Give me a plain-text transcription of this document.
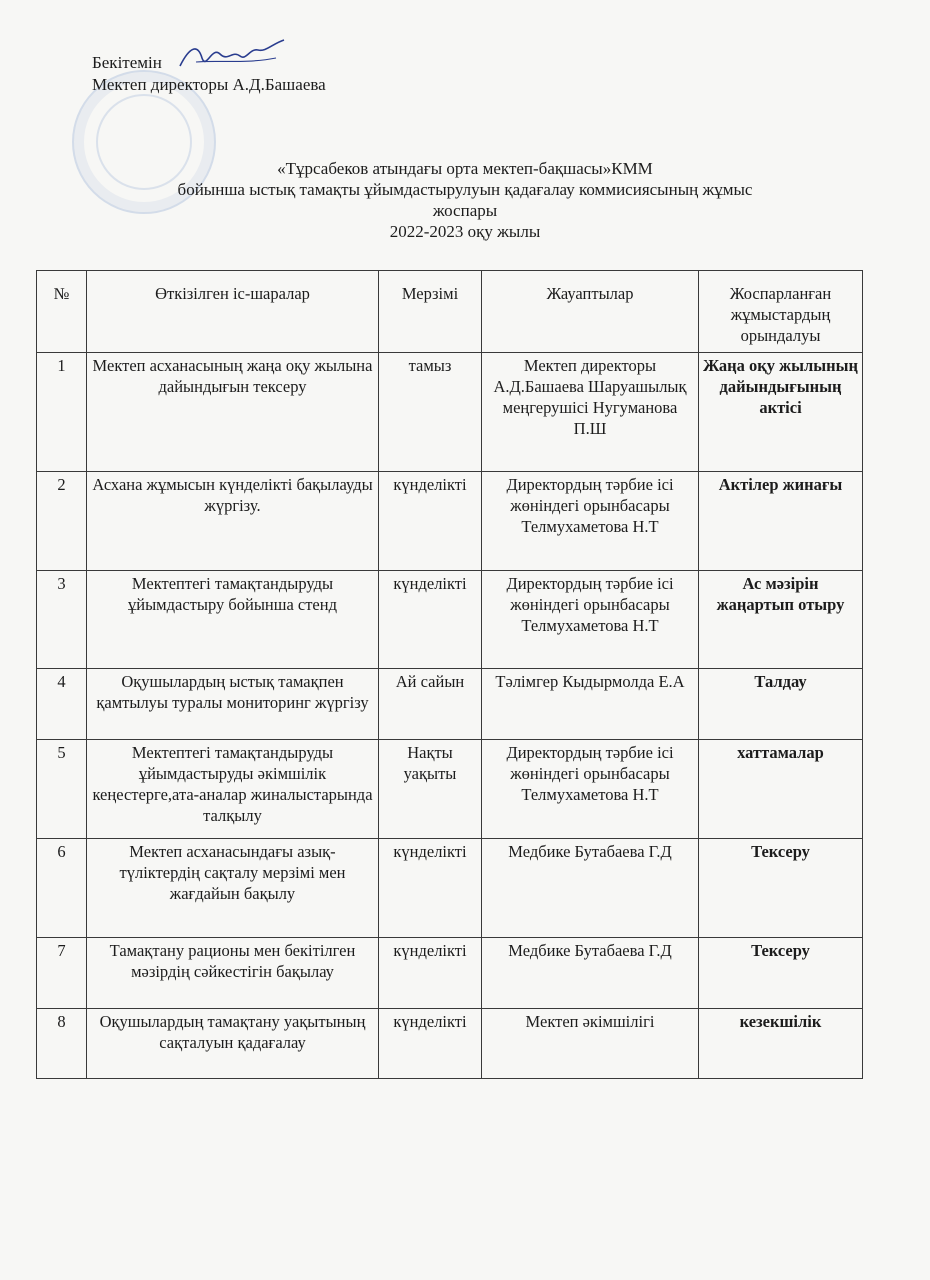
Бекітемін
Мектеп директоры А.Д.Башаева
«Тұрсабеков атындағы орта мектеп-бақшасы»КММ
бойынша ыстық тамақты ұйымдастырулуын қадағалау коммисиясының жұмыс
жоспары
2022-2023 оқу жылы
№	Өткізілген іс-шаралар	Мерзімі	Жауаптылар	Жоспарланған жұмыстардың орындалуы
1	Мектеп асханасының жаңа оқу жылына дайындығын тексеру	тамыз	Мектеп директоры А.Д.Башаева Шаруашылық меңгерушісі Нугуманова П.Ш	Жаңа оқу жылының дайындығының актісі
2	Асхана жұмысын күнделікті бақылауды жүргізу.	күнделікті	Директордың тәрбие ісі жөніндегі орынбасары Телмухаметова Н.Т	Актілер жинағы
3	Мектептегі тамақтандыруды ұйымдастыру бойынша стенд	күнделікті	Директордың тәрбие ісі жөніндегі орынбасары Телмухаметова Н.Т	Ас мәзірін жаңартып отыру
4	Оқушылардың ыстық тамақпен қамтылуы туралы мониторинг жүргізу	Ай сайын	Тәлімгер Кыдырмолда Е.А	Талдау
5	Мектептегі тамақтандыруды ұйымдастыруды әкімшілік кеңестерге,ата-аналар жиналыстарында талқылу	Нақты уақыты	Директордың тәрбие ісі жөніндегі орынбасары Телмухаметова Н.Т	хаттамалар
6	Мектеп асханасындағы азық-түліктердің сақталу мерзімі мен жағдайын бақылу	күнделікті	Медбике Бутабаева Г.Д	Тексеру
7	Тамақтану рационы мен бекітілген мәзірдің сәйкестігін бақылау	күнделікті	Медбике Бутабаева Г.Д	Тексеру
8	Оқушылардың тамақтану уақытының сақталуын қадағалау	күнделікті	Мектеп әкімшілігі	кезекшілік
